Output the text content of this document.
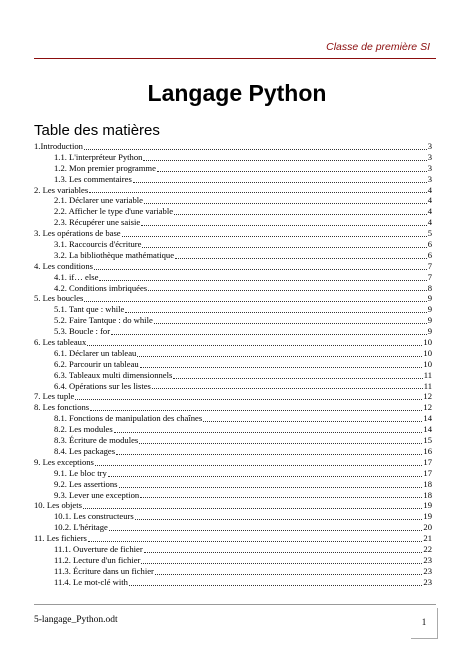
Classe de première SI
Langage Python
Table des matières
1.Introduction	3
1.1. L'interpréteur Python	3
1.2. Mon premier programme	3
1.3. Les commentaires	3
2. Les variables	4
2.1. Déclarer une variable	4
2.2. Afficher le type d'une variable	4
2.3. Récupérer une saisie	4
3. Les opérations de base	5
3.1. Raccourcis d'écriture	6
3.2. La bibliothèque mathématique	6
4. Les conditions	7
4.1. if… else	7
4.2. Conditions imbriquées	8
5. Les boucles	9
5.1. Tant que : while	9
5.2. Faire Tantque : do while	9
5.3. Boucle : for	9
6. Les tableaux	10
6.1. Déclarer un tableau	10
6.2. Parcourir un tableau	10
6.3. Tableaux multi dimensionnels	11
6.4. Opérations sur les listes	11
7. Les tuple	12
8. Les fonctions	12
8.1. Fonctions de manipulation des chaînes	14
8.2. Les modules	14
8.3. Écriture de modules	15
8.4. Les packages	16
9. Les exceptions	17
9.1. Le bloc try	17
9.2. Les assertions	18
9.3. Lever une exception	18
10. Les objets	19
10.1. Les constructeurs	19
10.2. L'héritage	20
11. Les fichiers	21
11.1. Ouverture de fichier	22
11.2. Lecture d'un fichier	23
11.3. Écriture dans un fichier	23
11.4. Le mot-clé with	23
5-langage_Python.odt	1
